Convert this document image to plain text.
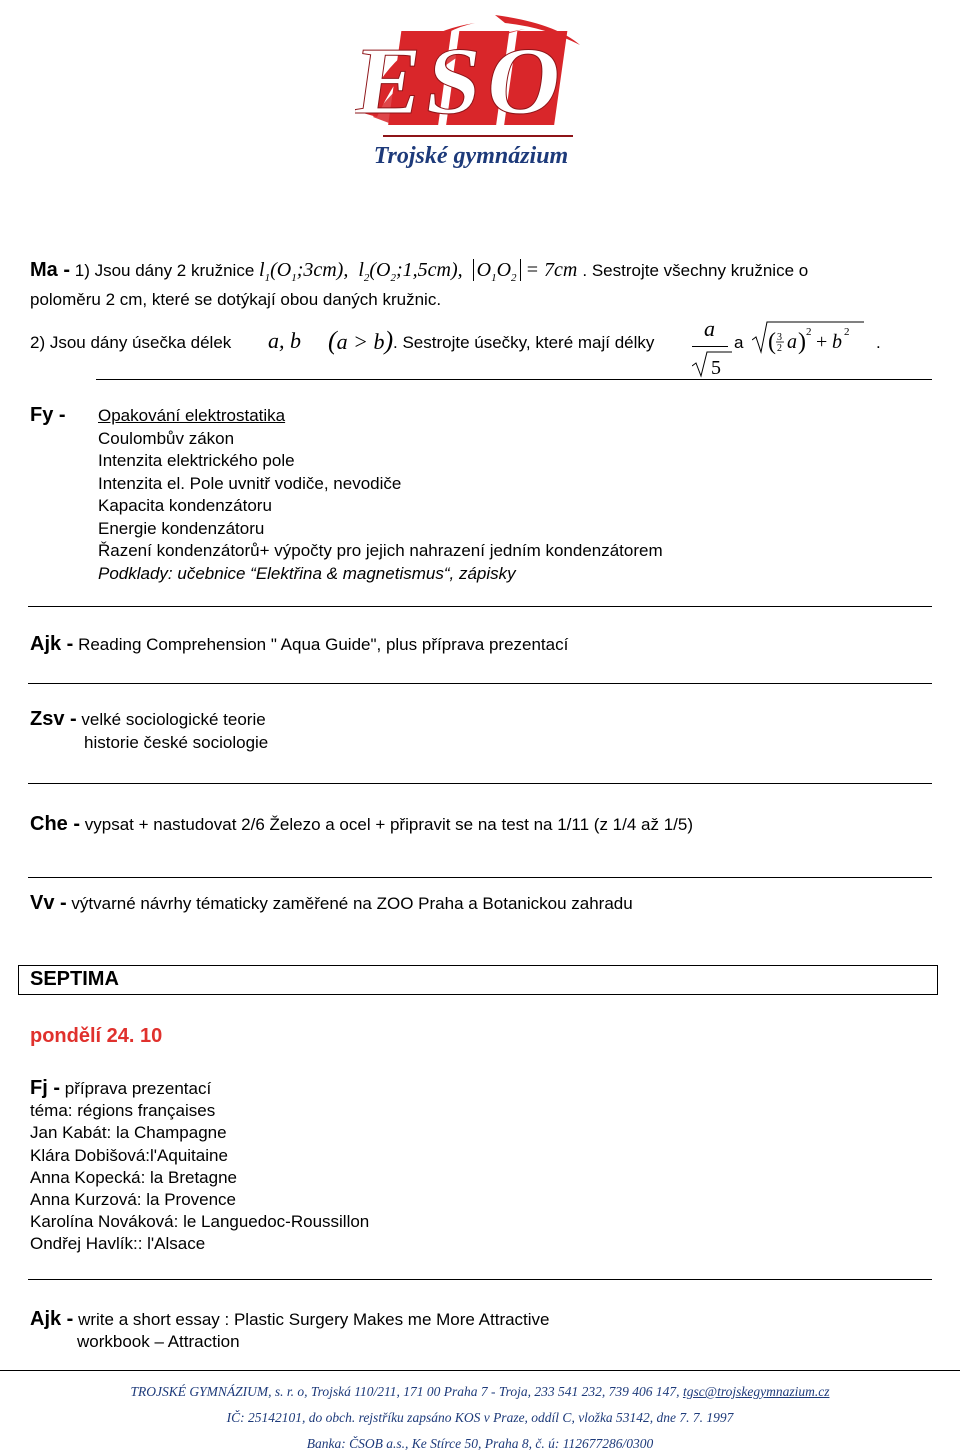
ESO
Trojské gymnázium
Ma - 1) Jsou dány 2 kružnice $l_1(O_1;3cm)$,  $l_2(O_2;1,5cm)$,  $O_1O_2 = 7cm$ . Sestrojte všechny kružnice o
poloměru 2 cm, které se dotýkají obou daných kružnic.
2) Jsou dány úsečka délek a, b (a > b) . Sestrojte úsečky, které mají délky
a
5
a ( 3
2 a ) 2 + b 2
.
Fy - Opakování elektrostatika
Coulombův zákon
Intenzita elektrického pole
Intenzita el. Pole uvnitř vodiče, nevodiče
Kapacita kondenzátoru
Energie kondenzátoru
Řazení kondenzátorů+ výpočty pro jejich nahrazení jedním kondenzátorem
Podklady: učebnice “Elektřina & magnetismus“, zápisky
Ajk - Reading Comprehension " Aqua Guide", plus příprava prezentací
Zsv - velké sociologické teorie
historie české sociologie
Che - vypsat + nastudovat 2/6 Železo a ocel + připravit se na test na 1/11 (z 1/4 až 1/5)
Vv - výtvarné návrhy tématicky zaměřené na ZOO Praha a Botanickou zahradu
SEPTIMA
pondělí 24. 10
Fj - příprava prezentací
téma: régions françaises
Jan Kabát: la Champagne
Klára Dobišová:l'Aquitaine
Anna Kopecká: la Bretagne
Anna Kurzová: la Provence
Karolína Nováková: le Languedoc-Roussillon
Ondřej Havlík:: l'Alsace
Ajk - write a short essay : Plastic Surgery Makes me More Attractive
workbook – Attraction
TROJSKÉ GYMNÁZIUM, s. r. o, Trojská 110/211, 171 00 Praha 7 - Troja, 233 541 232, 739 406 147, tgsc@trojskegymnazium.cz
IČ: 25142101, do obch. rejstříku zapsáno KOS v Praze, oddíl C, vložka 53142, dne 7. 7. 1997
Banka: ČSOB a.s., Ke Stírce 50, Praha 8, č. ú: 112677286/0300
